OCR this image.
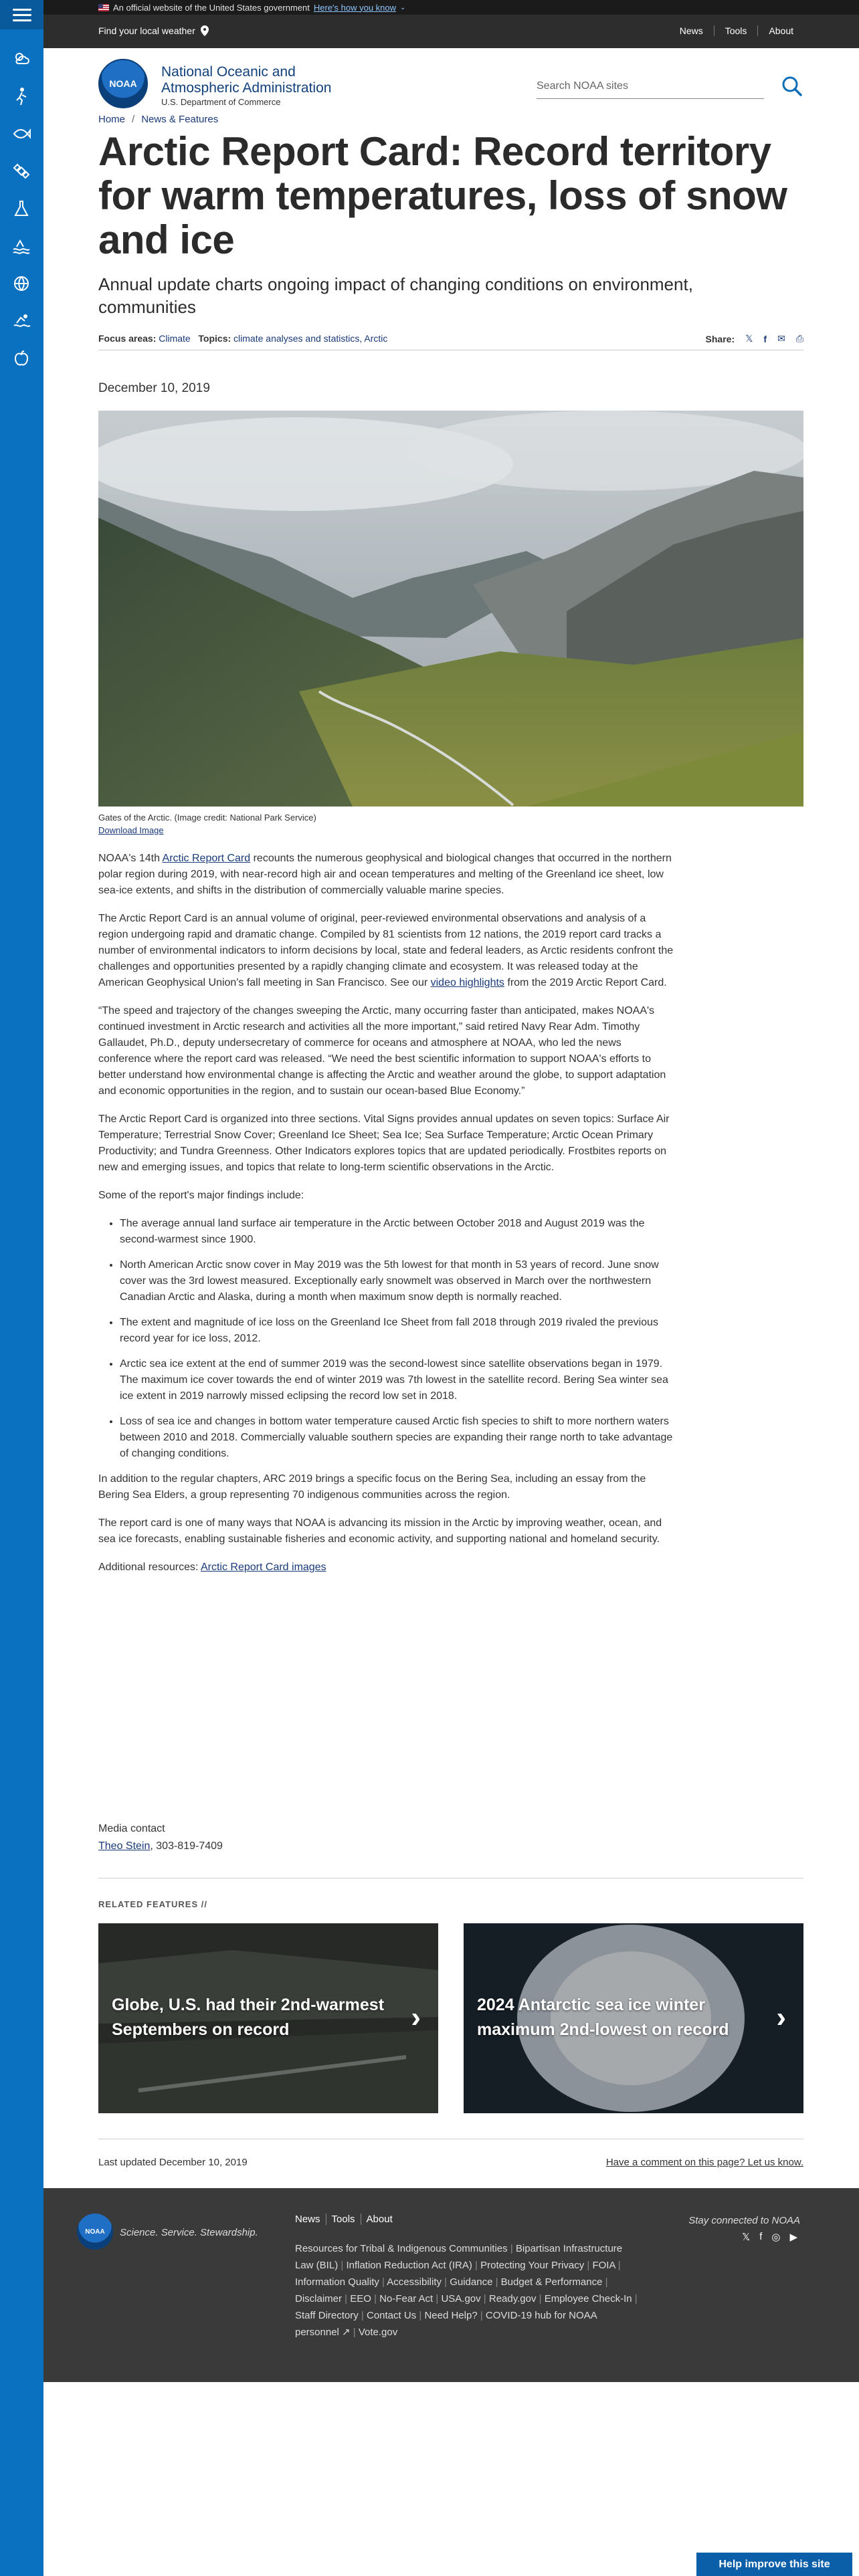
An official website of the United States government Here's how you know ⌄
Find your local weather	News	Tools	About
NOAA
National Oceanic and
Atmospheric Administration
U.S. Department of Commerce
Search NOAA sites
Home / News & Features
Arctic Report Card: Record territory for warm temperatures, loss of snow and ice
Annual update charts ongoing impact of changing conditions on environment, communities
Focus areas: Climate Topics: climate analyses and statistics, Arctic	Share: 𝕏 f ✉ ⎙
December 10, 2019
Gates of the Arctic. (Image credit: National Park Service)
Download Image

NOAA's 14th Arctic Report Card recounts the numerous geophysical and biological changes that occurred in the northern polar region during 2019, with near-record high air and ocean temperatures and melting of the Greenland ice sheet, low sea-ice extents, and shifts in the distribution of commercially valuable marine species.

The Arctic Report Card is an annual volume of original, peer-reviewed environmental observations and analysis of a region undergoing rapid and dramatic change. Compiled by 81 scientists from 12 nations, the 2019 report card tracks a number of environmental indicators to inform decisions by local, state and federal leaders, as Arctic residents confront the challenges and opportunities presented by a rapidly changing climate and ecosystem. It was released today at the American Geophysical Union's fall meeting in San Francisco. See our video highlights from the 2019 Arctic Report Card.

“The speed and trajectory of the changes sweeping the Arctic, many occurring faster than anticipated, makes NOAA's continued investment in Arctic research and activities all the more important,” said retired Navy Rear Adm. Timothy Gallaudet, Ph.D., deputy undersecretary of commerce for oceans and atmosphere at NOAA, who led the news conference where the report card was released. “We need the best scientific information to support NOAA's efforts to better understand how environmental change is affecting the Arctic and weather around the globe, to support adaptation and economic opportunities in the region, and to sustain our ocean-based Blue Economy.”

The Arctic Report Card is organized into three sections. Vital Signs provides annual updates on seven topics: Surface Air Temperature; Terrestrial Snow Cover; Greenland Ice Sheet; Sea Ice; Sea Surface Temperature; Arctic Ocean Primary Productivity; and Tundra Greenness. Other Indicators explores topics that are updated periodically. Frostbites reports on new and emerging issues, and topics that relate to long-term scientific observations in the Arctic.

Some of the report's major findings include:

• The average annual land surface air temperature in the Arctic between October 2018 and August 2019 was the second-warmest since 1900.
• North American Arctic snow cover in May 2019 was the 5th lowest for that month in 53 years of record. June snow cover was the 3rd lowest measured. Exceptionally early snowmelt was observed in March over the northwestern Canadian Arctic and Alaska, during a month when maximum snow depth is normally reached.
• The extent and magnitude of ice loss on the Greenland Ice Sheet from fall 2018 through 2019 rivaled the previous record year for ice loss, 2012.
• Arctic sea ice extent at the end of summer 2019 was the second-lowest since satellite observations began in 1979. The maximum ice cover towards the end of winter 2019 was 7th lowest in the satellite record. Bering Sea winter sea ice extent in 2019 narrowly missed eclipsing the record low set in 2018.
• Loss of sea ice and changes in bottom water temperature caused Arctic fish species to shift to more northern waters between 2010 and 2018. Commercially valuable southern species are expanding their range north to take advantage of changing conditions.

In addition to the regular chapters, ARC 2019 brings a specific focus on the Bering Sea, including an essay from the Bering Sea Elders, a group representing 70 indigenous communities across the region.

The report card is one of many ways that NOAA is advancing its mission in the Arctic by improving weather, ocean, and sea ice forecasts, enabling sustainable fisheries and economic activity, and supporting national and homeland security.

Additional resources: Arctic Report Card images

Media contact
Theo Stein, 303-819-7409
RELATED FEATURES //
Globe, U.S. had their 2nd-warmest Septembers on record	›	2024 Antarctic sea ice winter maximum 2nd-lowest on record	›
Last updated December 10, 2019	Have a comment on this page? Let us know.
NOAA Science. Service. Stewardship.
News Tools About
Resources for Tribal & Indigenous Communities | Bipartisan Infrastructure Law (BIL) | Inflation Reduction Act (IRA) | Protecting Your Privacy | FOIA | Information Quality | Accessibility | Guidance | Budget & Performance | Disclaimer | EEO | No-Fear Act | USA.gov | Ready.gov | Employee Check-In | Staff Directory | Contact Us | Need Help? | COVID-19 hub for NOAA personnel ↗ | Vote.gov
Stay connected to NOAA
𝕏 f ◎ ▶
Help improve this site
